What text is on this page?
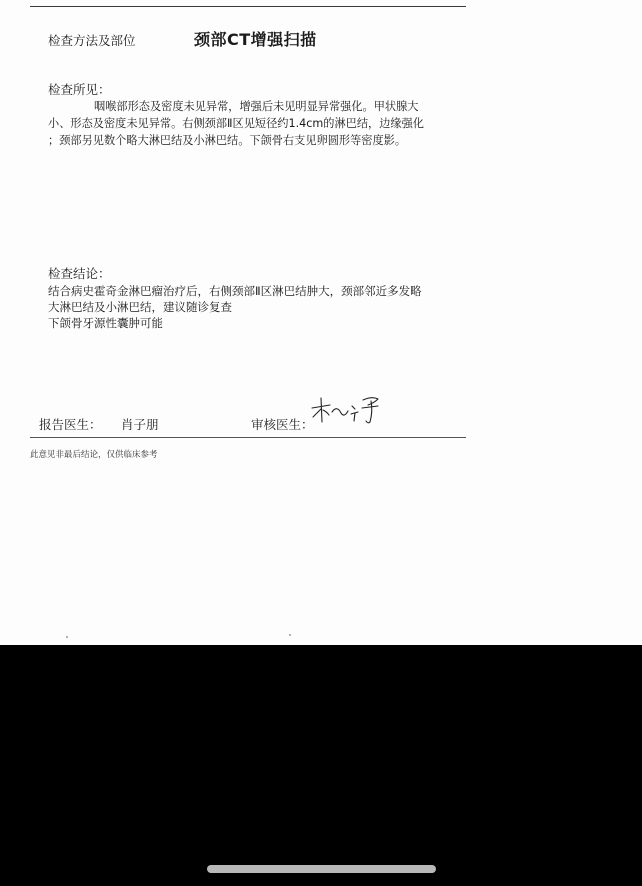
检查方法及部位	颈部CT增强扫描
检查所见：
咽喉部形态及密度未见异常，增强后未见明显异常强化。甲状腺大
小、形态及密度未见异常。右侧颈部Ⅱ区见短径约1.4cm的淋巴结，边缘强化
；颈部另见数个略大淋巴结及小淋巴结。下颌骨右支见卵圆形等密度影。
检查结论：
结合病史霍奇金淋巴瘤治疗后，右侧颈部Ⅱ区淋巴结肿大，颈部邻近多发略
大淋巴结及小淋巴结，建议随诊复查
下颌骨牙源性囊肿可能
报告医生： 肖子朋	审核医生：
此意见非最后结论，仅供临床参考
